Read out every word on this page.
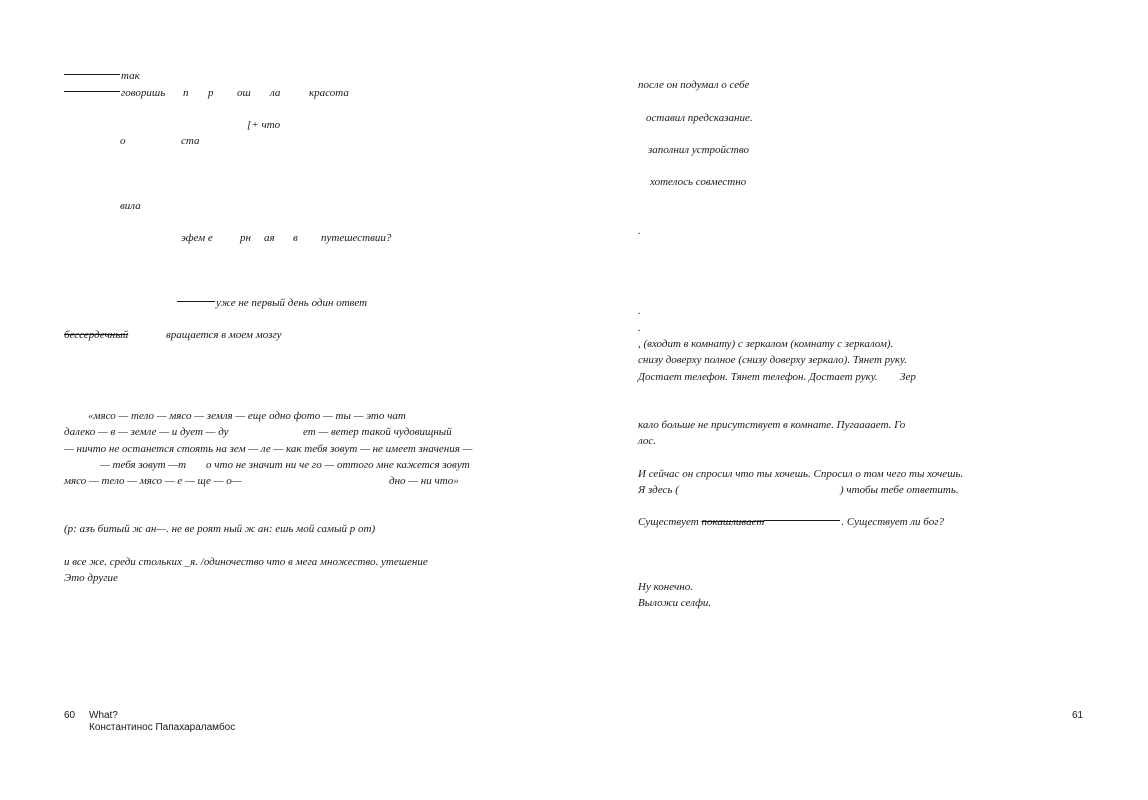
так
говоришь п р ош ла	красота
[+ что
о	ста
вила
эфем е рн ая в путешествии?
уже не первый день один ответ
бессердечный	вращается в моем мозгу
«мясо — тело — мясо — земля — еще одно фото — ты — это чат
далеко — в — земле — и дует — ду	ет — ветер такой чудовищный
— ничто не останется стоять на зем — ле — как тебя зовут — не имеет значения —
— тебя зовут —т о что не значит ни че го — оттого мне кажется зовут
мясо — тело — мясо — е — ще — о—	дно — ни что»
(р: азъ битый ж ан—. не ве роят ный ж ан: ешь мой самый р от)
и все же. среди стольких _я. /одиночество что в мега множество. утешение
Это другие
60 What?
Константинос Папахараламбос
после он подумал о себе
оставил предсказание.
заполнил устройство
хотелось совместно
.
.
.
, (входит в комнату) с зеркалом (комнату с зеркалом).
снизу доверху полное (снизу доверху зеркало). Тянет руку.
Достает телефон. Тянет телефон. Достает руку. Зер
кало больше не присутствует в комнате. Пугааааеm. Го
лос.
И сейчас он спросил что ты хочешь. Спросил о том чего ты хочешь.
Я здесь (	) чтобы тебе ответить.
Существует покашливает	. Существует ли бог?
Ну конечно.
Выложи селфи.
61
